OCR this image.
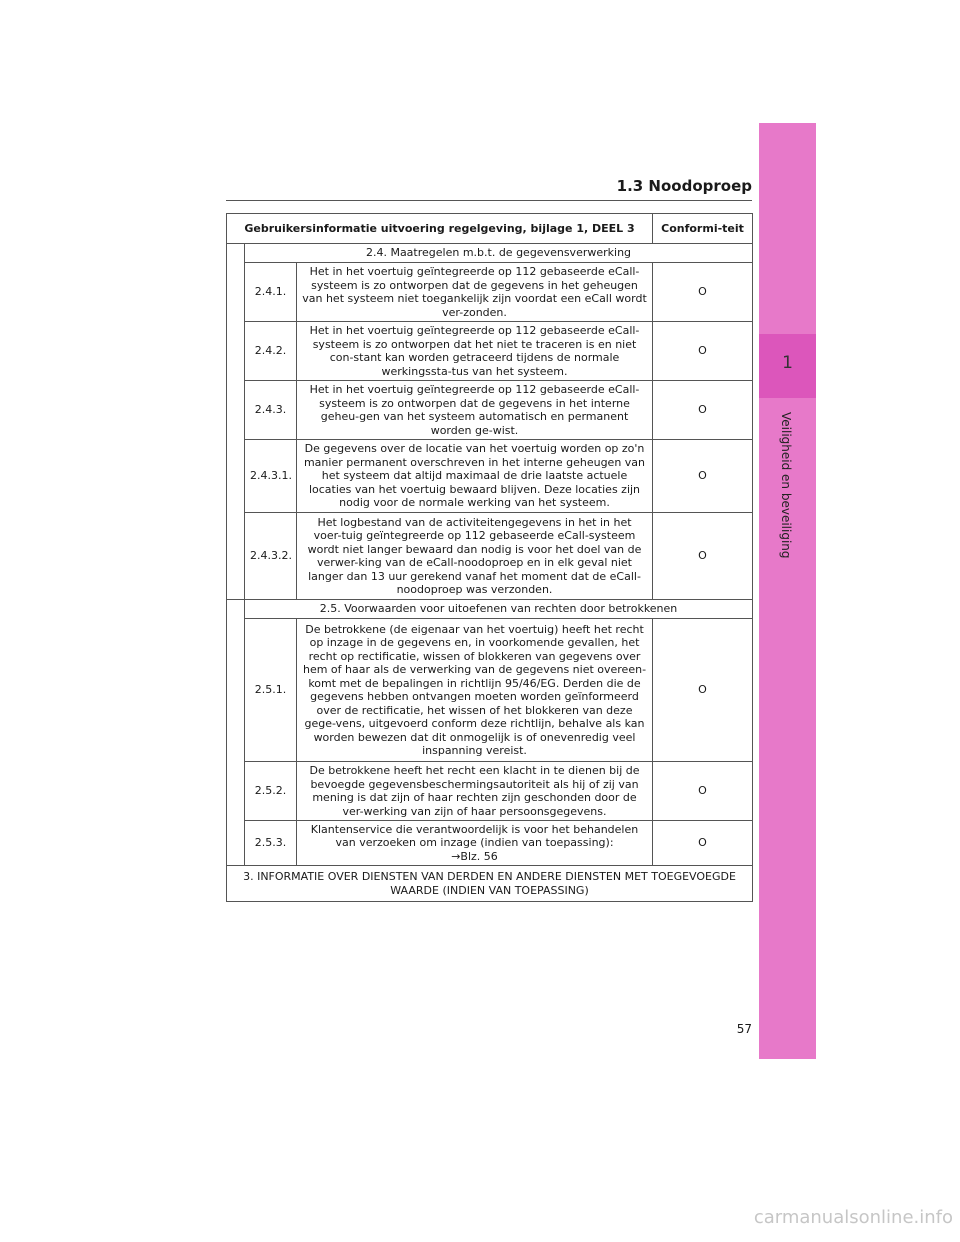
1.3 Noodoproep
1
Veiligheid en beveiliging
Gebruikersinformatie uitvoering regelgeving, bijlage 1, DEEL 3			Conformi-teit
	2.4. Maatregelen m.b.t. de gegevensverwerking		
	2.4.1.	Het in het voertuig geïntegreerde op 112 gebaseerde eCall-systeem is zo ontworpen dat de gegevens in het geheugen van het systeem niet toegankelijk zijn voordat een eCall wordt ver-zonden.	O
	2.4.2.	Het in het voertuig geïntegreerde op 112 gebaseerde eCall-systeem is zo ontworpen dat het niet te traceren is en niet con-stant kan worden getraceerd tijdens de normale werkingssta-tus van het systeem.	O
	2.4.3.	Het in het voertuig geïntegreerde op 112 gebaseerde eCall-systeem is zo ontworpen dat de gegevens in het interne geheu-gen van het systeem automatisch en permanent worden ge-wist.	O
	2.4.3.1.	De gegevens over de locatie van het voertuig worden op zo'n manier permanent overschreven in het interne geheugen van het systeem dat altijd maximaal de drie laatste actuele locaties van het voertuig bewaard blijven. Deze locaties zijn nodig voor de normale werking van het systeem.	O
	2.4.3.2.	Het logbestand van de activiteitengegevens in het in het voer-tuig geïntegreerde op 112 gebaseerde eCall-systeem wordt niet langer bewaard dan nodig is voor het doel van de verwer-king van de eCall-noodoproep en in elk geval niet langer dan 13 uur gerekend vanaf het moment dat de eCall-noodoproep was verzonden.	O
	2.5. Voorwaarden voor uitoefenen van rechten door betrokkenen		
	2.5.1.	De betrokkene (de eigenaar van het voertuig) heeft het recht op inzage in de gegevens en, in voorkomende gevallen, het recht op rectificatie, wissen of blokkeren van gegevens over hem of haar als de verwerking van de gegevens niet overeen-komt met de bepalingen in richtlijn 95/46/EG. Derden die de gegevens hebben ontvangen moeten worden geïnformeerd over de rectificatie, het wissen of het blokkeren van deze gege-vens, uitgevoerd conform deze richtlijn, behalve als kan worden bewezen dat dit onmogelijk is of onevenredig veel inspanning vereist.	O
	2.5.2.	De betrokkene heeft het recht een klacht in te dienen bij de bevoegde gegevensbeschermingsautoriteit als hij of zij van mening is dat zijn of haar rechten zijn geschonden door de ver-werking van zijn of haar persoonsgegevens.	O
	2.5.3.	Klantenservice die verantwoordelijk is voor het behandelen van verzoeken om inzage (indien van toepassing):
→Blz. 56	O
3. INFORMATIE OVER DIENSTEN VAN DERDEN EN ANDERE DIENSTEN MET TOEGEVOEGDE WAARDE (INDIEN VAN TOEPASSING)			
57
carmanualsonline.info
